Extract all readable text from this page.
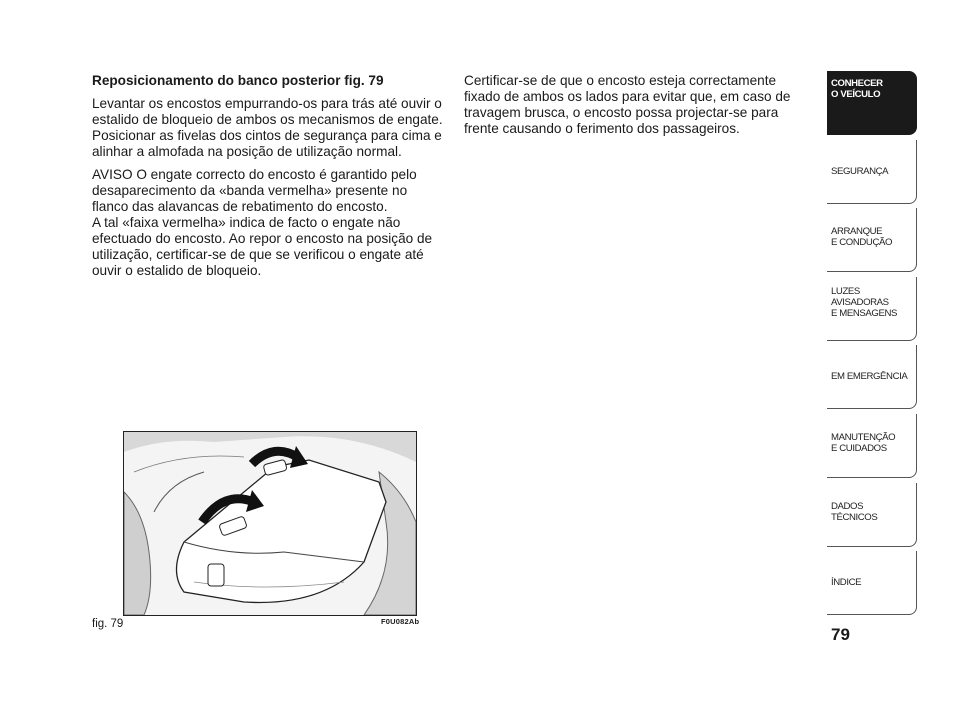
Reposicionamento do banco posterior fig. 79

Levantar os encostos empurrando-os para trás até ouvir o estalido de bloqueio de ambos os mecanismos de engate.
Posicionar as fivelas dos cintos de segurança para cima e alinhar a almofada na posição de utilização normal.

AVISO O engate correcto do encosto é garantido pelo desaparecimento da «banda vermelha» presente no flanco das alavancas de rebatimento do encosto.
A tal «faixa vermelha» indica de facto o engate não efectuado do encosto. Ao repor o encosto na posição de utilização, certificar-se de que se verificou o engate até ouvir o estalido de bloqueio.

Certificar-se de que o encosto esteja correctamente fixado de ambos os lados para evitar que, em caso de travagem brusca, o encosto possa projectar-se para frente causando o ferimento dos passageiros.

fig. 79	F0U082Ab
CONHECER
O VEÍCULO
SEGURANÇA
ARRANQUE
E CONDUÇÃO
LUZES
AVISADORAS
E MENSAGENS
EM EMERGÊNCIA
MANUTENÇÃO
E CUIDADOS
DADOS
TÉCNICOS
ÍNDICE
79
